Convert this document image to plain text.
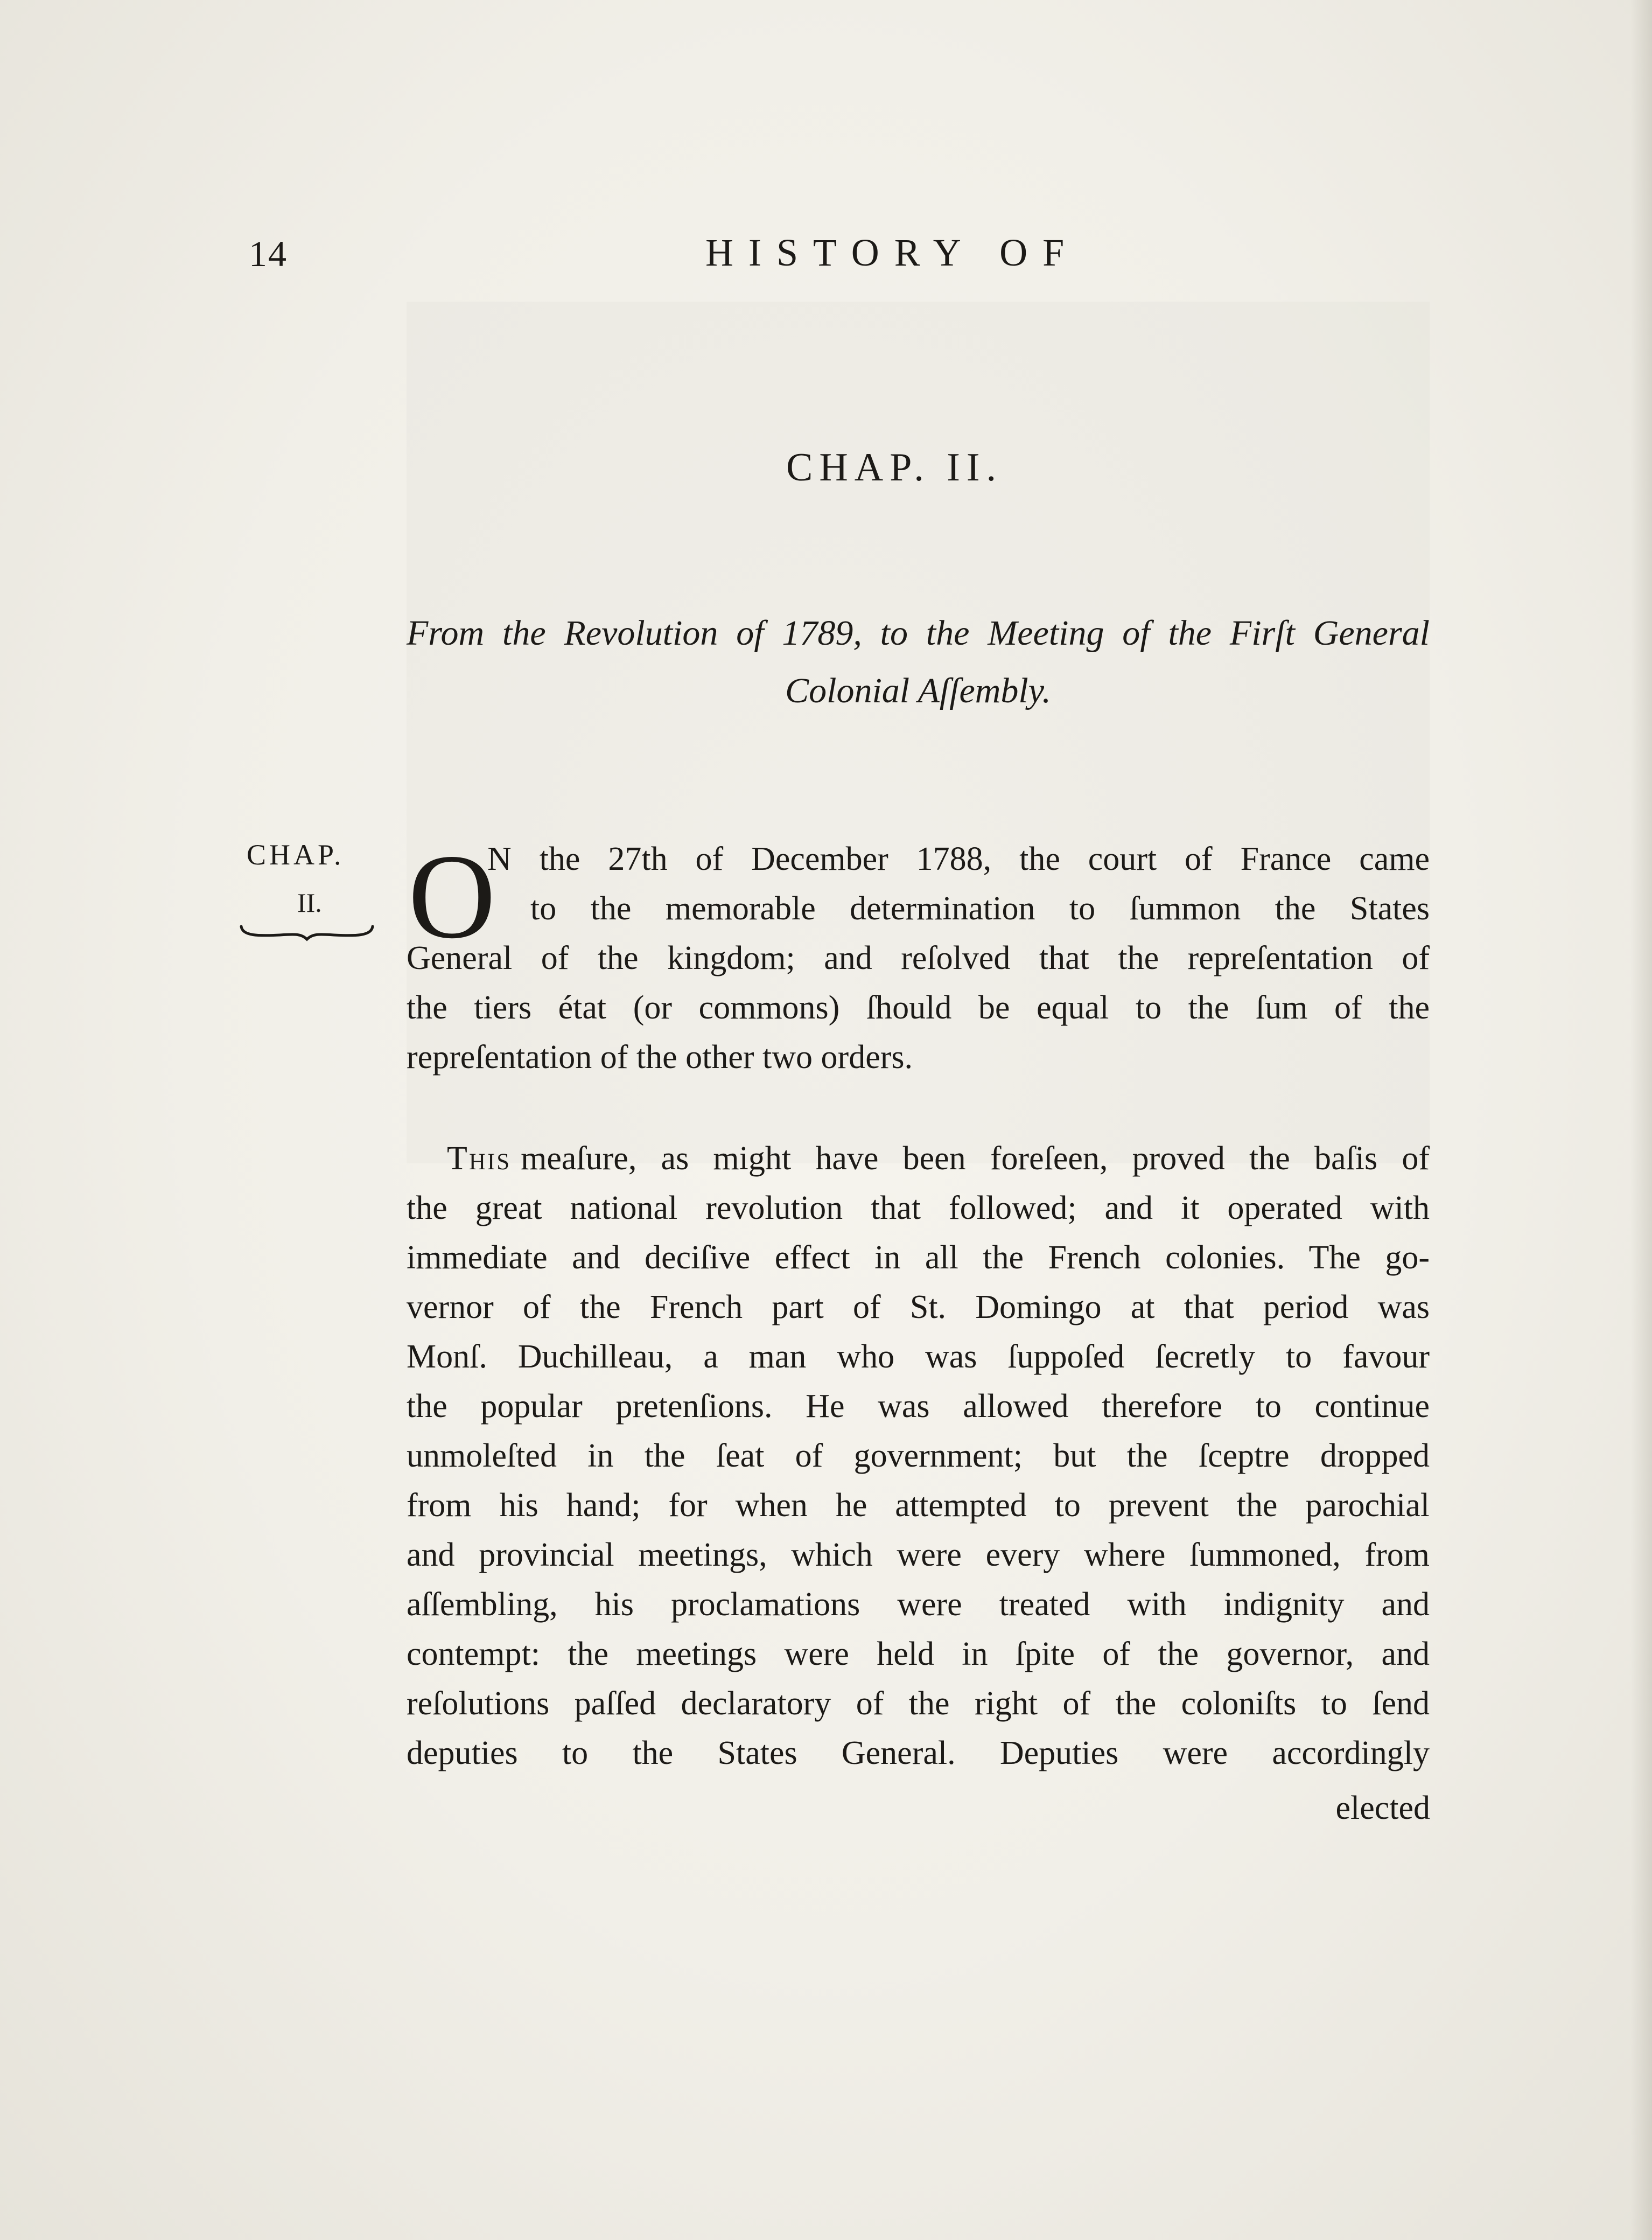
14	HISTORY OF
CHAP. II.
From the Revolution of 1789, to the Meeting of the Firſt General
Colonial Aſſembly.
CHAP.
II. O
N the 27th of December 1788, the court of France came
to the memorable determination to ſummon the States
General of the kingdom; and reſolved that the repreſentation of
the tiers état (or commons) ſhould be equal to the ſum of the
repreſentation of the other two orders.
This meaſure, as might have been foreſeen, proved the baſis of
the great national revolution that followed; and it operated with
immediate and deciſive effect in all the French colonies. The go-
vernor of the French part of St. Domingo at that period was
Monſ. Duchilleau, a man who was ſuppoſed ſecretly to favour
the popular pretenſions. He was allowed therefore to continue
unmoleſted in the ſeat of government; but the ſceptre dropped
from his hand; for when he attempted to prevent the parochial
and provincial meetings, which were every where ſummoned, from
aſſembling, his proclamations were treated with indignity and
contempt: the meetings were held in ſpite of the governor, and
reſolutions paſſed declaratory of the right of the coloniſts to ſend
deputies to the States General. Deputies were accordingly
elected
